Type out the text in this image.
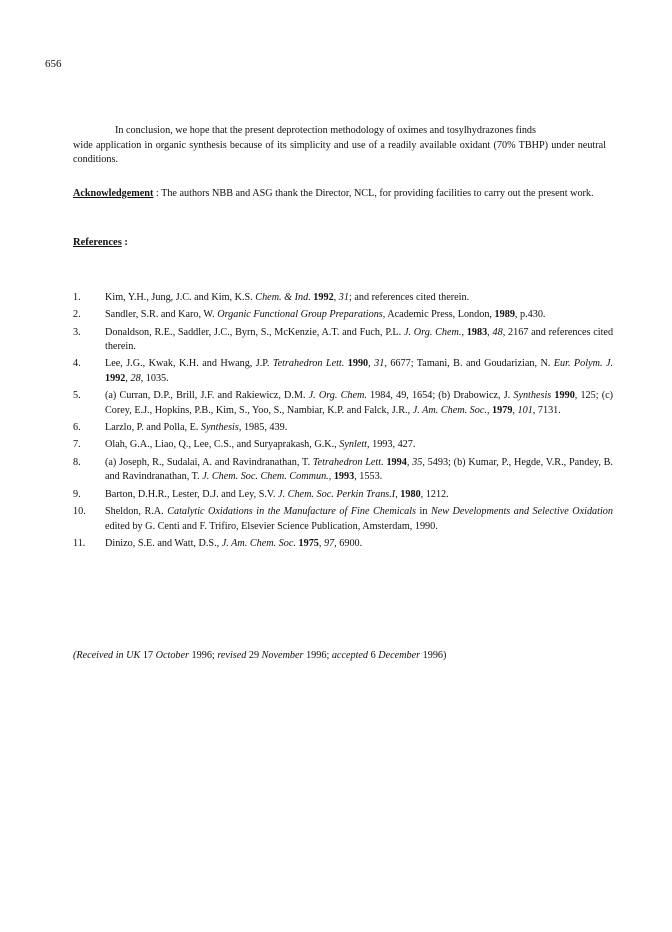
656
In conclusion, we hope that the present deprotection methodology of oximes and tosylhydrazones finds
wide application in organic synthesis because of its simplicity and use of a readily available oxidant (70% TBHP) under neutral conditions.
Acknowledgement : The authors NBB and ASG thank the Director, NCL, for providing facilities to carry out the present work.
References :
1.	Kim, Y.H., Jung, J.C. and Kim, K.S. Chem. & Ind. 1992, 31; and references cited therein.
2.	Sandler, S.R. and Karo, W. Organic Functional Group Preparations, Academic Press, London, 1989, p.430.
3.	Donaldson, R.E., Saddler, J.C., Byrn, S., McKenzie, A.T. and Fuch, P.L. J. Org. Chem., 1983, 48, 2167 and references cited therein.
4.	Lee, J.G., Kwak, K.H. and Hwang, J.P. Tetrahedron Lett. 1990, 31, 6677; Tamani, B. and Goudarizian, N. Eur. Polym. J. 1992, 28, 1035.
5.	(a) Curran, D.P., Brill, J.F. and Rakiewicz, D.M. J. Org. Chem. 1984, 49, 1654; (b) Drabowicz, J. Synthesis 1990, 125; (c) Corey, E.J., Hopkins, P.B., Kim, S., Yoo, S., Nambiar, K.P. and Falck, J.R., J. Am. Chem. Soc., 1979, 101, 7131.
6.	Larzlo, P. and Polla, E. Synthesis, 1985, 439.
7.	Olah, G.A., Liao, Q., Lee, C.S., and Suryaprakash, G.K., Synlett, 1993, 427.
8.	(a) Joseph, R., Sudalai, A. and Ravindranathan, T. Tetrahedron Lett. 1994, 35, 5493; (b) Kumar, P., Hegde, V.R., Pandey, B. and Ravindranathan, T. J. Chem. Soc. Chem. Commun., 1993, 1553.
9.	Barton, D.H.R., Lester, D.J. and Ley, S.V. J. Chem. Soc. Perkin Trans.I, 1980, 1212.
10.	Sheldon, R.A. Catalytic Oxidations in the Manufacture of Fine Chemicals in New Developments and Selective Oxidation edited by G. Centi and F. Trifiro, Elsevier Science Publication, Amsterdam, 1990.
11.	Dinizo, S.E. and Watt, D.S., J. Am. Chem. Soc. 1975, 97, 6900.
(Received in UK 17 October 1996; revised 29 November 1996; accepted 6 December 1996)
